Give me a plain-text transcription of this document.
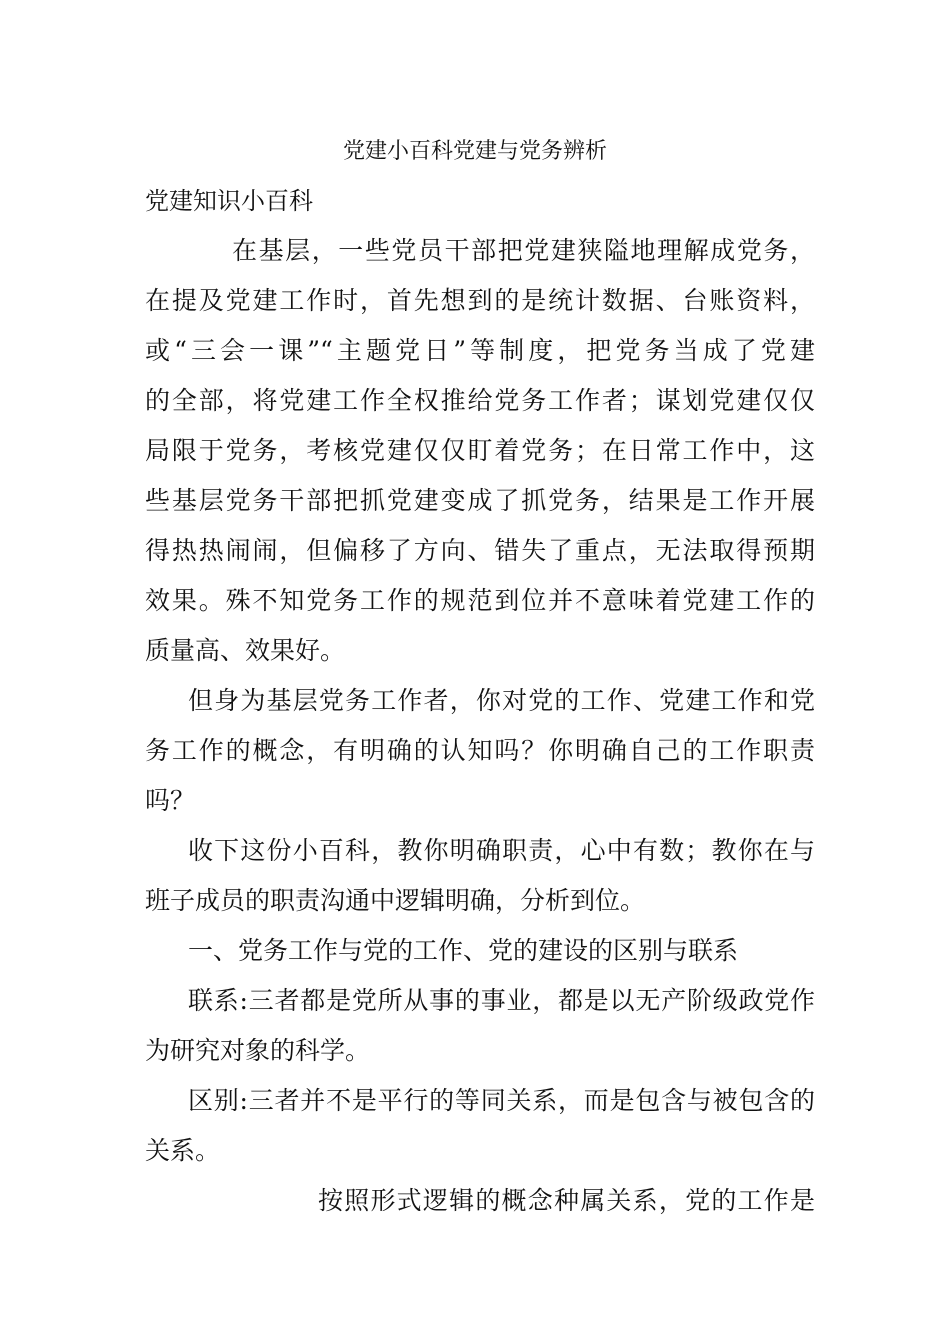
党建小百科党建与党务辨析
党建知识小百科
在基层，一些党员干部把党建狭隘地理解成党务，
在提及党建工作时，首先想到的是统计数据、台账资料，
或“三会一课”“主题党日”等制度，把党务当成了党建
的全部，将党建工作全权推给党务工作者；谋划党建仅仅
局限于党务，考核党建仅仅盯着党务；在日常工作中，这
些基层党务干部把抓党建变成了抓党务，结果是工作开展
得热热闹闹，但偏移了方向、错失了重点，无法取得预期
效果。殊不知党务工作的规范到位并不意味着党建工作的
质量高、效果好。
但身为基层党务工作者，你对党的工作、党建工作和党
务工作的概念，有明确的认知吗？你明确自己的工作职责
吗？
收下这份小百科，教你明确职责，心中有数；教你在与
班子成员的职责沟通中逻辑明确，分析到位。
一、党务工作与党的工作、党的建设的区别与联系
联系:三者都是党所从事的事业，都是以无产阶级政党作
为研究对象的科学。
区别:三者并不是平行的等同关系，而是包含与被包含的
关系。
按照形式逻辑的概念种属关系，党的工作是
